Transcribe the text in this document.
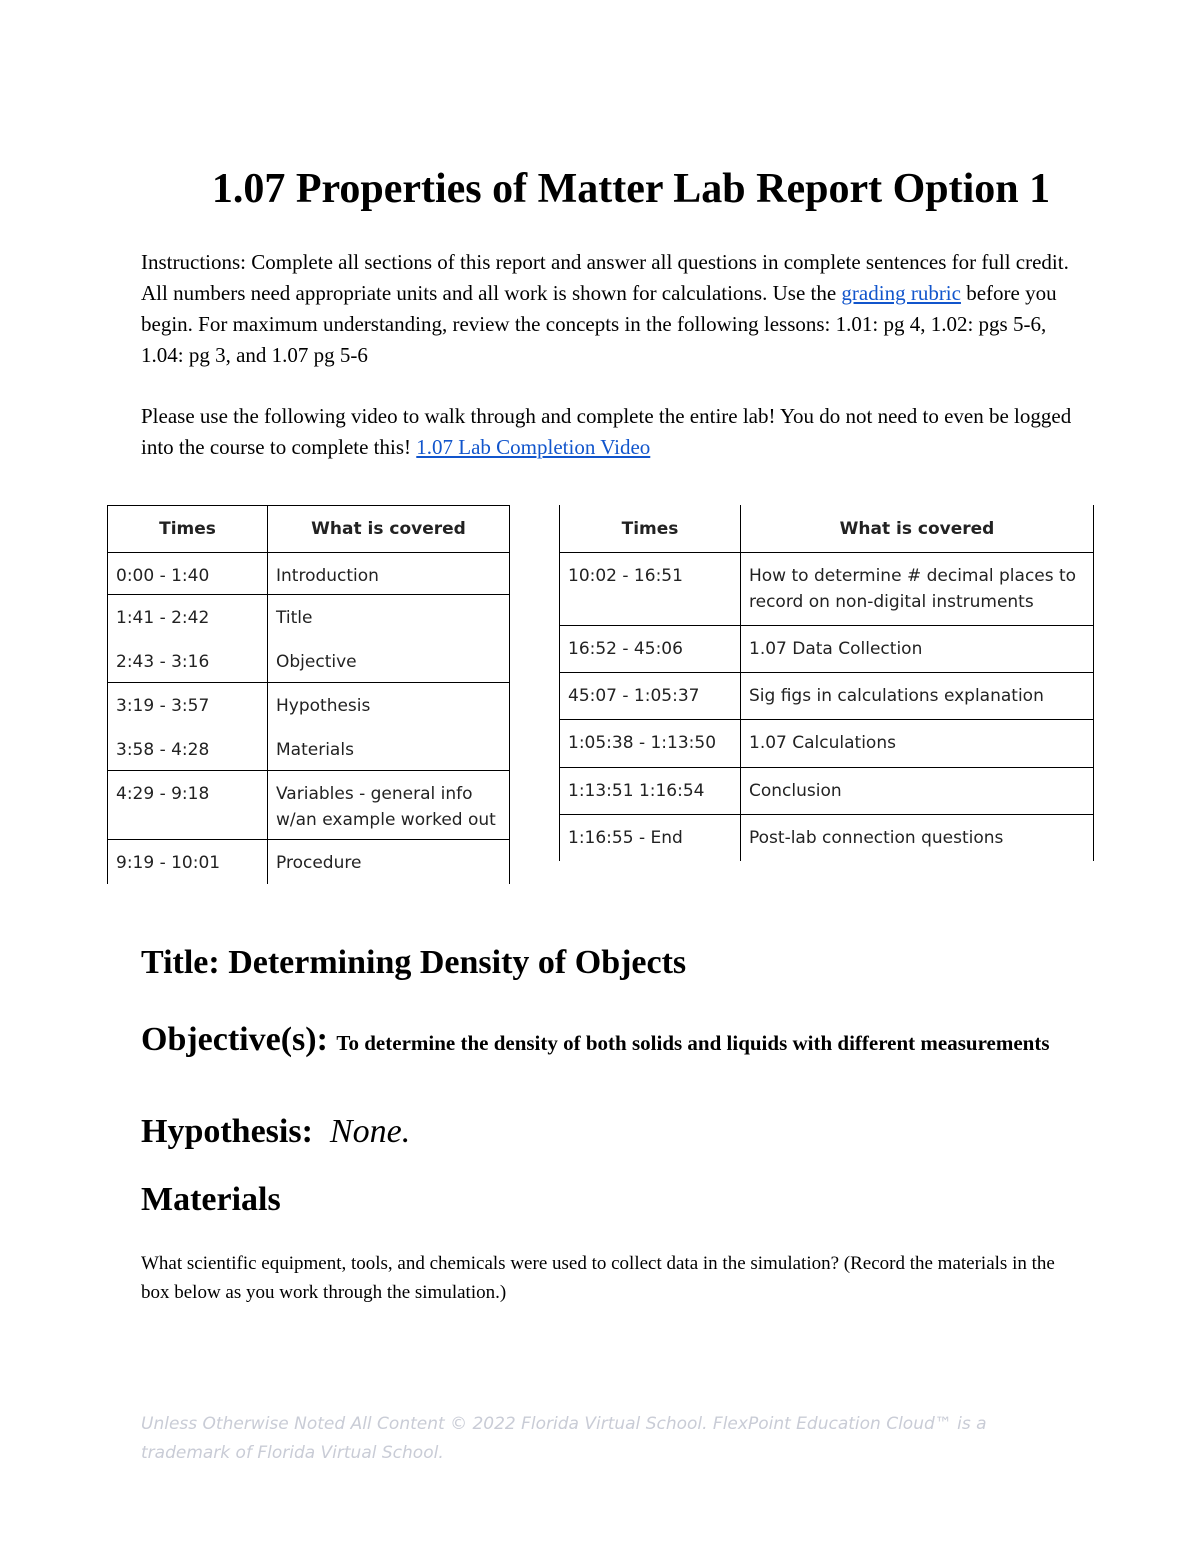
1.07 Properties of Matter Lab Report Option 1

Instructions: Complete all sections of this report and answer all questions in complete sentences for full credit. All numbers need appropriate units and all work is shown for calculations. Use the grading rubric before you begin. For maximum understanding, review the concepts in the following lessons: 1.01: pg 4, 1.02: pgs 5-6, 1.04: pg 3, and 1.07 pg 5-6

Please use the following video to walk through and complete the entire lab! You do not need to even be logged into the course to complete this! 1.07 Lab Completion Video

Times	What is covered
0:00 - 1:40	Introduction
1:41 - 2:42	Title
2:43 - 3:16	Objective
3:19 - 3:57	Hypothesis
3:58 - 4:28	Materials
4:29 - 9:18	Variables - general info w/an example worked out
9:19 - 10:01	Procedure
Times	What is covered
10:02 - 16:51	How to determine # decimal places to record on non-digital instruments
16:52 - 45:06	1.07 Data Collection
45:07 - 1:05:37	Sig figs in calculations explanation
1:05:38 - 1:13:50	1.07 Calculations
1:13:51 1:16:54	Conclusion
1:16:55 - End	Post-lab connection questions
Title: Determining Density of Objects
Objective(s): To determine the density of both solids and liquids with different measurements
Hypothesis: None.
Materials

What scientific equipment, tools, and chemicals were used to collect data in the simulation? (Record the materials in the box below as you work through the simulation.)

Unless Otherwise Noted All Content © 2022 Florida Virtual School. FlexPoint Education Cloud™ is a trademark of Florida Virtual School.
